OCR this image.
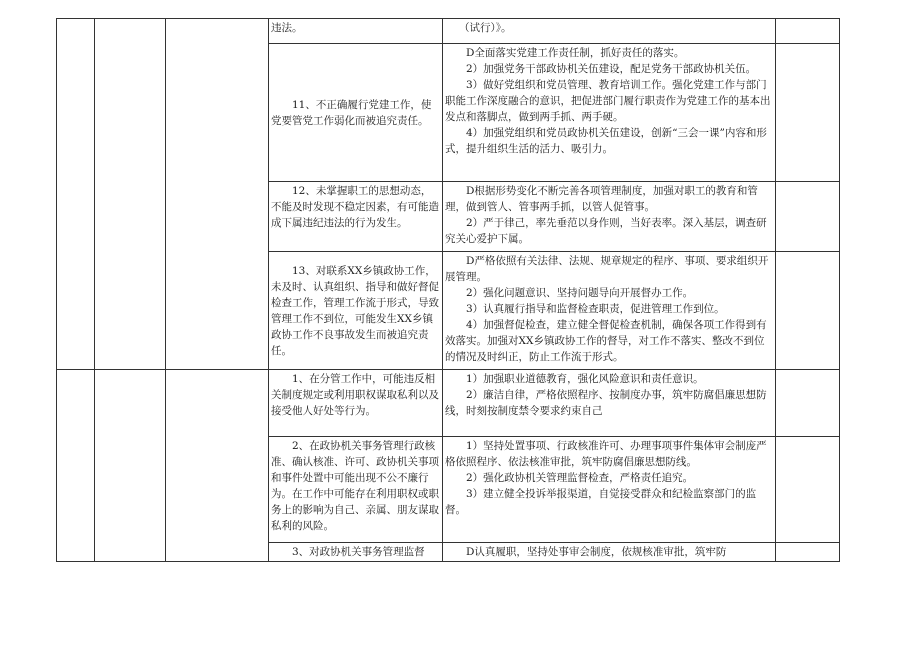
			违法。	（试行）》。	

			11、不正确履行党建工作，使党要管党工作弱化而被追究责任。	D全面落实党建工作责任制，抓好责任的落实。
2）加强党务干部政协机关伍建设，配足党务干部政协机关伍。
3）做好党组织和党员管理、教育培训工作。强化党建工作与部门职能工作深度融合的意识，把促进部门履行职责作为党建工作的基本出发点和落脚点，做到两手抓、两手硬。
4）加强党组织和党员政协机关伍建设，创新“三会一课”内容和形式，提升组织生活的活力、吸引力。	

			12、未掌握职工的思想动态，不能及时发现不稳定因素，有可能造成下属违纪违法的行为发生。	D根据形势变化不断完善各项管理制度，加强对职工的教育和管理，做到管人、管事两手抓，以管人促管事。
2）严于律己，率先垂范以身作则，当好表率。深入基层，调查研究关心爱护下属。	

			13、对联系XX乡镇政协工作，未及时、认真组织、指导和做好督促检查工作，管理工作流于形式，导致管理工作不到位，可能发生XX乡镇政协工作不良事故发生而被追究责任。	D严格依照有关法律、法规、规章规定的程序、事项、要求组织开展管理。
2）强化问题意识、坚持问题导向开展督办工作。
3）认真履行指导和监督检查职责，促进管理工作到位。
4）加强督促检查，建立健全督促检查机制，确保各项工作得到有效落实。加强对XX乡镇政协工作的督导，对工作不落实、整改不到位的情况及时纠正，防止工作流于形式。	

			1、在分管工作中，可能违反相关制度规定或利用职权谋取私利以及接受他人好处等行为。	1）加强职业道德教育，强化风险意识和责任意识。
2）廉洁自律，严格依照程序、按制度办事，筑牢防腐倡廉思想防线，时刻按制度禁令要求约束自己	

			2、在政协机关事务管理行政核准、确认核准、许可、政协机关事项和事件处置中可能出现不公不廉行为。在工作中可能存在利用职权或职务上的影响为自己、亲属、朋友谋取私利的风险。	1）坚持处置事项、行政核准许可、办理事项事件集体审会制庞严格依照程序、依法核准审批，筑牢防腐倡廉思想防线。
2）强化政协机关管理监督检查，严格责任追究。
3）建立健全投诉举报渠道，自觉接受群众和纪检监察部门的监督。	

			3、对政协机关事务管理监督	D认真履职，坚持处事审会制度，依规核准审批，筑牢防	
